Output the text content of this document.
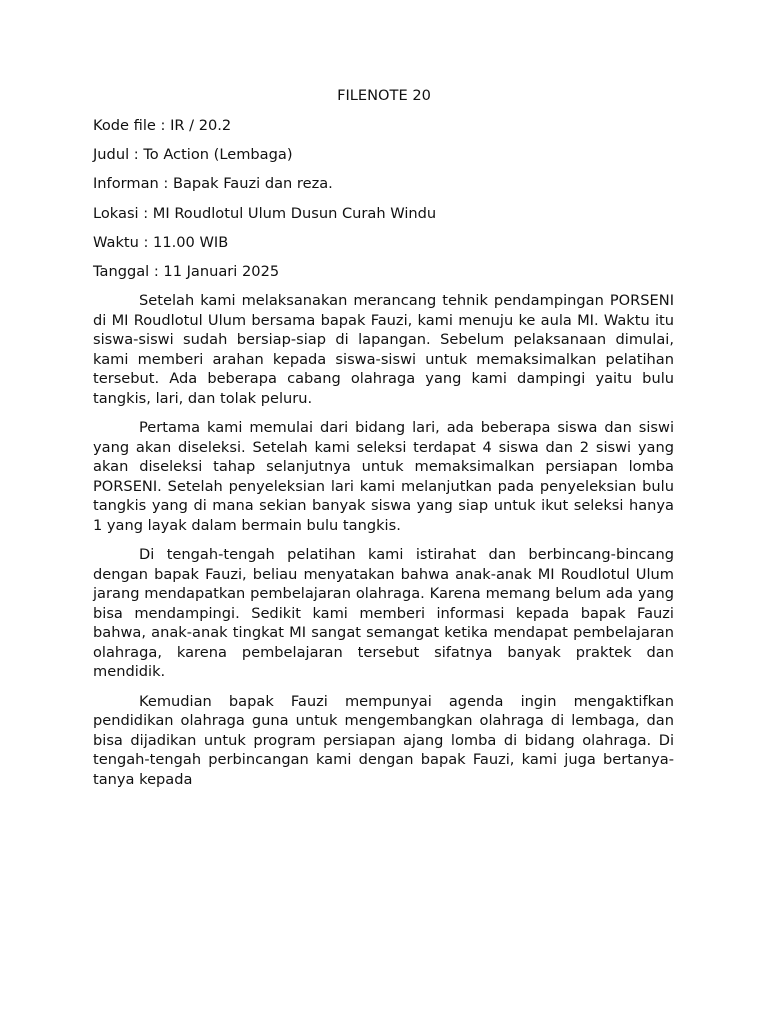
FILENOTE 20
Kode file : IR / 20.2
Judul : To Action (Lembaga)
Informan : Bapak Fauzi dan reza.
Lokasi : MI Roudlotul Ulum Dusun Curah Windu
Waktu : 11.00 WIB
Tanggal : 11 Januari 2025

Setelah kami melaksanakan merancang tehnik pendampingan PORSENI di MI Roudlotul Ulum bersama bapak Fauzi, kami menuju ke aula MI. Waktu itu siswa-siswi sudah bersiap-siap di lapangan. Sebelum pelaksanaan dimulai, kami memberi arahan kepada siswa-siswi untuk memaksimalkan pelatihan tersebut. Ada beberapa cabang olahraga yang kami dampingi yaitu bulu tangkis, lari, dan tolak peluru.

Pertama kami memulai dari bidang lari, ada beberapa siswa dan siswi yang akan diseleksi. Setelah kami seleksi terdapat 4 siswa dan 2 siswi yang akan diseleksi tahap selanjutnya untuk memaksimalkan persiapan lomba PORSENI. Setelah penyeleksian lari kami melanjutkan pada penyeleksian bulu tangkis yang di mana sekian banyak siswa yang siap untuk ikut seleksi hanya 1 yang layak dalam bermain bulu tangkis.

Di tengah-tengah pelatihan kami istirahat dan berbincang-bincang dengan bapak Fauzi, beliau menyatakan bahwa anak-anak MI Roudlotul Ulum jarang mendapatkan pembelajaran olahraga. Karena memang belum ada yang bisa mendampingi. Sedikit kami memberi informasi kepada bapak Fauzi bahwa, anak-anak tingkat MI sangat semangat ketika mendapat pembelajaran olahraga, karena pembelajaran tersebut sifatnya banyak praktek dan mendidik.

Kemudian bapak Fauzi mempunyai agenda ingin mengaktifkan pendidikan olahraga guna untuk mengembangkan olahraga di lembaga, dan bisa dijadikan untuk program persiapan ajang lomba di bidang olahraga. Di tengah-tengah perbincangan kami dengan bapak Fauzi, kami juga bertanya-tanya kepada
